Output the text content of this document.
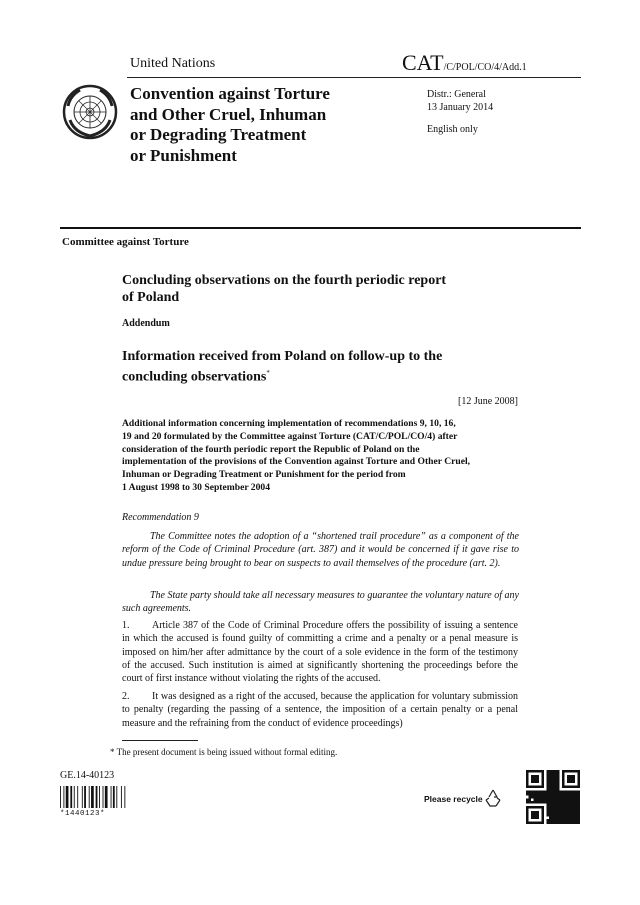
United Nations	CAT/C/POL/CO/4/Add.1
Convention against Torture
and Other Cruel, Inhuman
or Degrading Treatment
or Punishment
Distr.: General
13 January 2014
English only
Committee against Torture
Concluding observations on the fourth periodic report
of Poland
Addendum
Information received from Poland on follow-up to the
concluding observations*
[12 June 2008]
Additional information concerning implementation of recommendations 9, 10, 16,
19 and 20 formulated by the Committee against Torture (CAT/C/POL/CO/4) after
consideration of the fourth periodic report the Republic of Poland on the
implementation of the provisions of the Convention against Torture and Other Cruel,
Inhuman or Degrading Treatment or Punishment for the period from
1 August 1998 to 30 September 2004
Recommendation 9
The Committee notes the adoption of a “shortened trail procedure” as a component of the reform of the Code of Criminal Procedure (art. 387) and it would be concerned if it gave rise to undue pressure being brought to bear on suspects to avail themselves of the procedure (art. 2).
The State party should take all necessary measures to guarantee the voluntary nature of any such agreements.
1. Article 387 of the Code of Criminal Procedure offers the possibility of issuing a sentence in which the accused is found guilty of committing a crime and a penalty or a penal measure is imposed on him/her after admittance by the court of a sole evidence in the form of the testimony of the accused. Such institution is aimed at significantly shortening the proceedings before the court of first instance without violating the rights of the accused.
2. It was designed as a right of the accused, because the application for voluntary submission to penalty (regarding the passing of a sentence, the imposition of a certain penalty or a penal measure and the refraining from the conduct of evidence proceedings)
* The present document is being issued without formal editing.
GE.14-40123
*1440123*
Please recycle
